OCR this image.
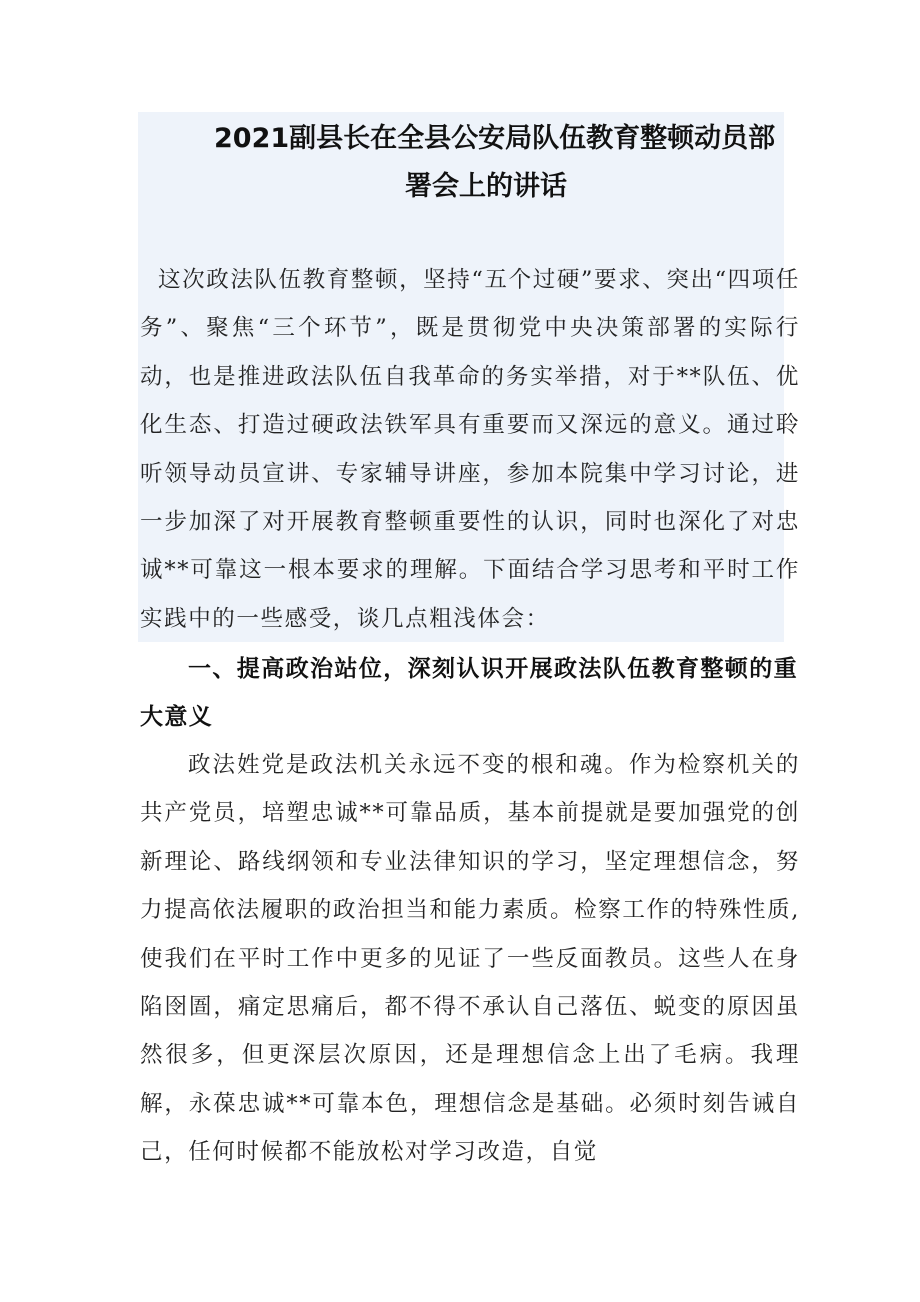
2021副县长在全县公安局队伍教育整顿动员部
署会上的讲话

这次政法队伍教育整顿，坚持“五个过硬”要求、突出“四项任务”、聚焦“三个环节”，既是贯彻党中央决策部署的实际行动，也是推进政法队伍自我革命的务实举措，对于**队伍、优化生态、打造过硬政法铁军具有重要而又深远的意义。通过聆听领导动员宣讲、专家辅导讲座，参加本院集中学习讨论，进一步加深了对开展教育整顿重要性的认识，同时也深化了对忠诚**可靠这一根本要求的理解。下面结合学习思考和平时工作实践中的一些感受，谈几点粗浅体会：

一、提高政治站位，深刻认识开展政法队伍教育整顿的重大意义

政法姓党是政法机关永远不变的根和魂。作为检察机关的共产党员，培塑忠诚**可靠品质，基本前提就是要加强党的创新理论、路线纲领和专业法律知识的学习，坚定理想信念，努力提高依法履职的政治担当和能力素质。检察工作的特殊性质,使我们在平时工作中更多的见证了一些反面教员。这些人在身陷囹圄，痛定思痛后，都不得不承认自己落伍、蜕变的原因虽然很多，但更深层次原因，还是理想信念上出了毛病。我理解，永葆忠诚**可靠本色，理想信念是基础。必须时刻告诫自己，任何时候都不能放松对学习改造，自觉
